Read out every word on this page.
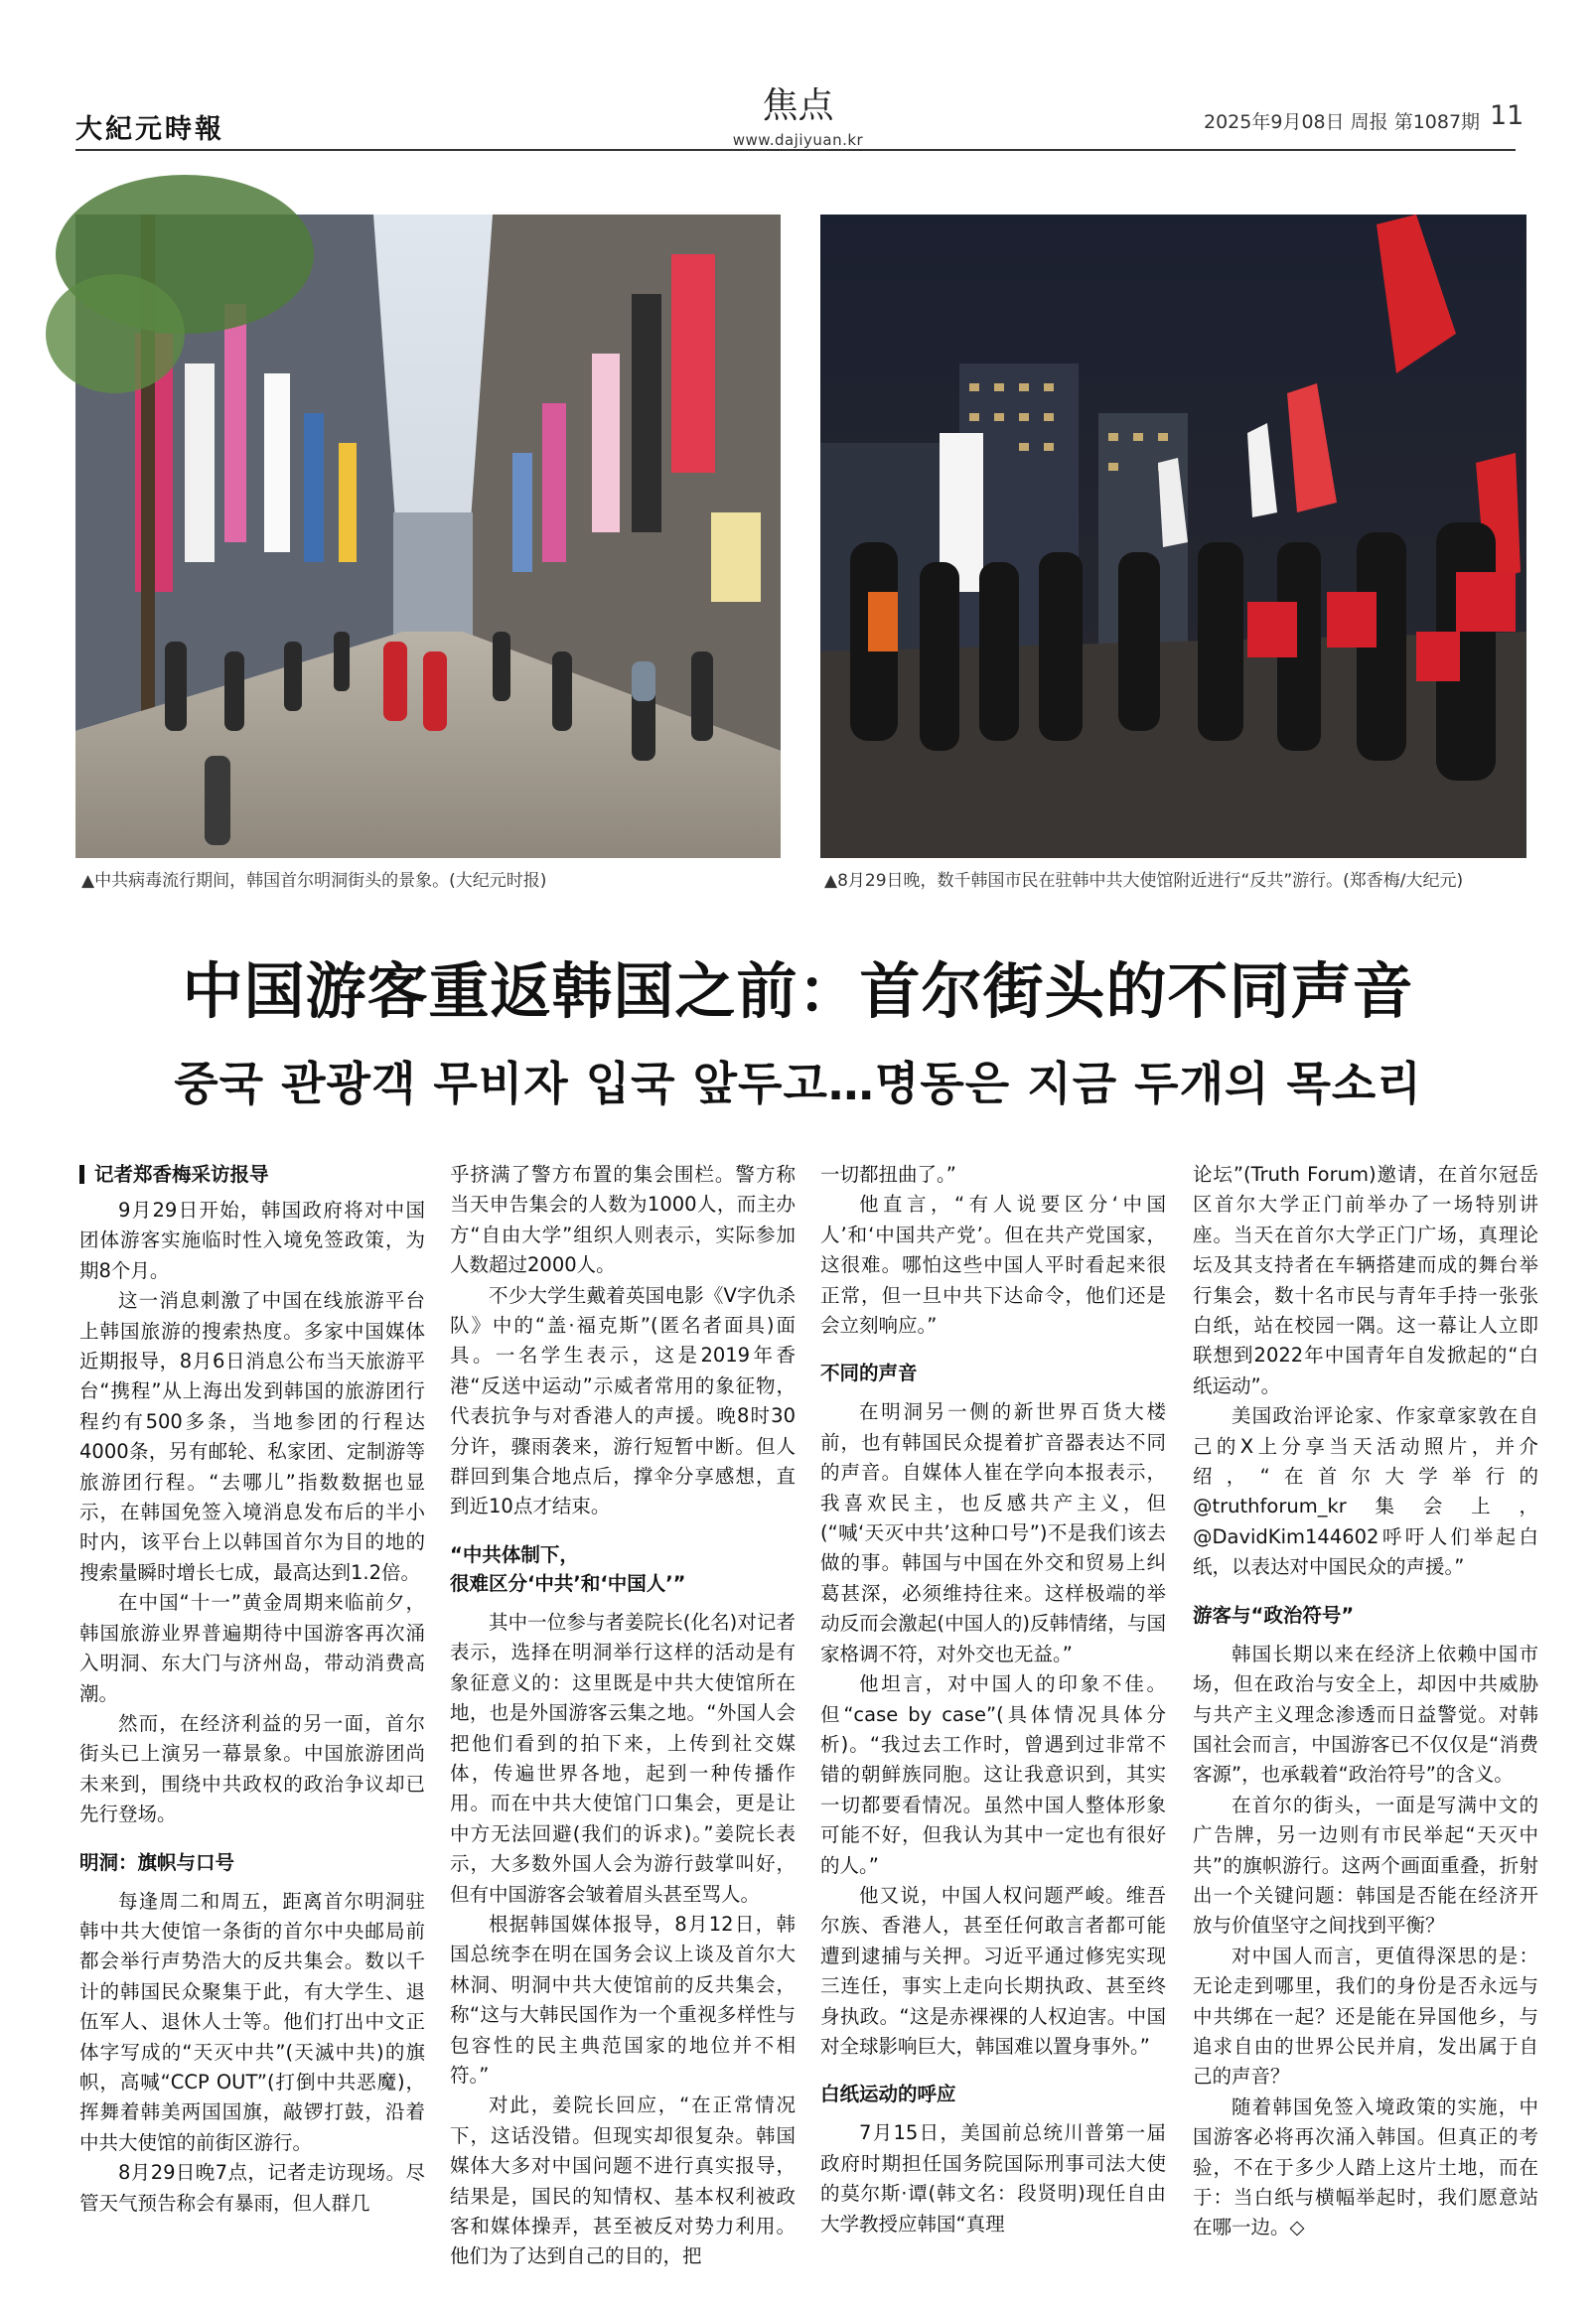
大紀元時報
焦点
www.dajiyuan.kr
2025年9月08日 周报 第1087期 11
▲中共病毒流行期间，韩国首尔明洞街头的景象。(大纪元时报)	▲8月29日晚，数千韩国市民在驻韩中共大使馆附近进行“反共”游行。(郑香梅/大纪元)
中国游客重返韩国之前：首尔街头的不同声音
중국 관광객 무비자 입국 앞두고…명동은 지금 두개의 목소리
记者郑香梅采访报导

9月29日开始，韩国政府将对中国团体游客实施临时性入境免签政策，为期8个月。

这一消息刺激了中国在线旅游平台上韩国旅游的搜索热度。多家中国媒体近期报导，8月6日消息公布当天旅游平台“携程”从上海出发到韩国的旅游团行程约有500多条，当地参团的行程达4000条，另有邮轮、私家团、定制游等旅游团行程。“去哪儿”指数数据也显示，在韩国免签入境消息发布后的半小时内，该平台上以韩国首尔为目的地的搜索量瞬时增长七成，最高达到1.2倍。

在中国“十一”黄金周期来临前夕，韩国旅游业界普遍期待中国游客再次涌入明洞、东大门与济州岛，带动消费高潮。

然而，在经济利益的另一面，首尔街头已上演另一幕景象。中国旅游团尚未来到，围绕中共政权的政治争议却已先行登场。

明洞：旗帜与口号

每逢周二和周五，距离首尔明洞驻韩中共大使馆一条街的首尔中央邮局前都会举行声势浩大的反共集会。数以千计的韩国民众聚集于此，有大学生、退伍军人、退休人士等。他们打出中文正体字写成的“天灭中共”(天滅中共)的旗帜，高喊“CCP OUT”(打倒中共恶魔)，挥舞着韩美两国国旗，敲锣打鼓，沿着中共大使馆的前街区游行。

8月29日晚7点，记者走访现场。尽管天气预告称会有暴雨，但人群几

乎挤满了警方布置的集会围栏。警方称当天申告集会的人数为1000人，而主办方“自由大学”组织人则表示，实际参加人数超过2000人。

不少大学生戴着英国电影《V字仇杀队》中的“盖·福克斯”(匿名者面具)面具。一名学生表示，这是2019年香港“反送中运动”示威者常用的象征物，代表抗争与对香港人的声援。晚8时30分许，骤雨袭来，游行短暂中断。但人群回到集合地点后，撑伞分享感想，直到近10点才结束。

“中共体制下，
很难区分‘中共’和‘中国人’”

其中一位参与者姜院长(化名)对记者表示，选择在明洞举行这样的活动是有象征意义的：这里既是中共大使馆所在地，也是外国游客云集之地。“外国人会把他们看到的拍下来，上传到社交媒体，传遍世界各地，起到一种传播作用。而在中共大使馆门口集会，更是让中方无法回避(我们的诉求)。”姜院长表示，大多数外国人会为游行鼓掌叫好，但有中国游客会皱着眉头甚至骂人。

根据韩国媒体报导，8月12日，韩国总统李在明在国务会议上谈及首尔大林洞、明洞中共大使馆前的反共集会，称“这与大韩民国作为一个重视多样性与包容性的民主典范国家的地位并不相符。”

对此，姜院长回应，“在正常情况下，这话没错。但现实却很复杂。韩国媒体大多对中国问题不进行真实报导，结果是，国民的知情权、基本权利被政客和媒体操弄，甚至被反对势力利用。他们为了达到自己的目的，把

一切都扭曲了。”

他直言，“有人说要区分‘中国人’和‘中国共产党’。但在共产党国家，这很难。哪怕这些中国人平时看起来很正常，但一旦中共下达命令，他们还是会立刻响应。”

不同的声音

在明洞另一侧的新世界百货大楼前，也有韩国民众提着扩音器表达不同的声音。自媒体人崔在学向本报表示，我喜欢民主，也反感共产主义，但(“喊‘天灭中共’这种口号”)不是我们该去做的事。韩国与中国在外交和贸易上纠葛甚深，必须维持往来。这样极端的举动反而会激起(中国人的)反韩情绪，与国家格调不符，对外交也无益。”

他坦言，对中国人的印象不佳。但“case by case”(具体情况具体分析)。“我过去工作时，曾遇到过非常不错的朝鲜族同胞。这让我意识到，其实一切都要看情况。虽然中国人整体形象可能不好，但我认为其中一定也有很好的人。”

他又说，中国人权问题严峻。维吾尔族、香港人，甚至任何敢言者都可能遭到逮捕与关押。习近平通过修宪实现三连任，事实上走向长期执政、甚至终身执政。“这是赤裸裸的人权迫害。中国对全球影响巨大，韩国难以置身事外。”

白纸运动的呼应

7月15日，美国前总统川普第一届政府时期担任国务院国际刑事司法大使的莫尔斯·谭(韩文名：段贤明)现任自由大学教授应韩国“真理

论坛”(Truth Forum)邀请，在首尔冠岳区首尔大学正门前举办了一场特别讲座。当天在首尔大学正门广场，真理论坛及其支持者在车辆搭建而成的舞台举行集会，数十名市民与青年手持一张张白纸，站在校园一隅。这一幕让人立即联想到2022年中国青年自发掀起的“白纸运动”。

美国政治评论家、作家章家敦在自己的X上分享当天活动照片，并介绍，“在首尔大学举行的@truthforum_kr集会上，@DavidKim144602呼吁人们举起白纸，以表达对中国民众的声援。”

游客与“政治符号”

韩国长期以来在经济上依赖中国市场，但在政治与安全上，却因中共威胁与共产主义理念渗透而日益警觉。对韩国社会而言，中国游客已不仅仅是“消费客源”，也承载着“政治符号”的含义。

在首尔的街头，一面是写满中文的广告牌，另一边则有市民举起“天灭中共”的旗帜游行。这两个画面重叠，折射出一个关键问题：韩国是否能在经济开放与价值坚守之间找到平衡？

对中国人而言，更值得深思的是：无论走到哪里，我们的身份是否永远与中共绑在一起？还是能在异国他乡，与追求自由的世界公民并肩，发出属于自己的声音？

随着韩国免签入境政策的实施，中国游客必将再次涌入韩国。但真正的考验，不在于多少人踏上这片土地，而在于：当白纸与横幅举起时，我们愿意站在哪一边。◇
